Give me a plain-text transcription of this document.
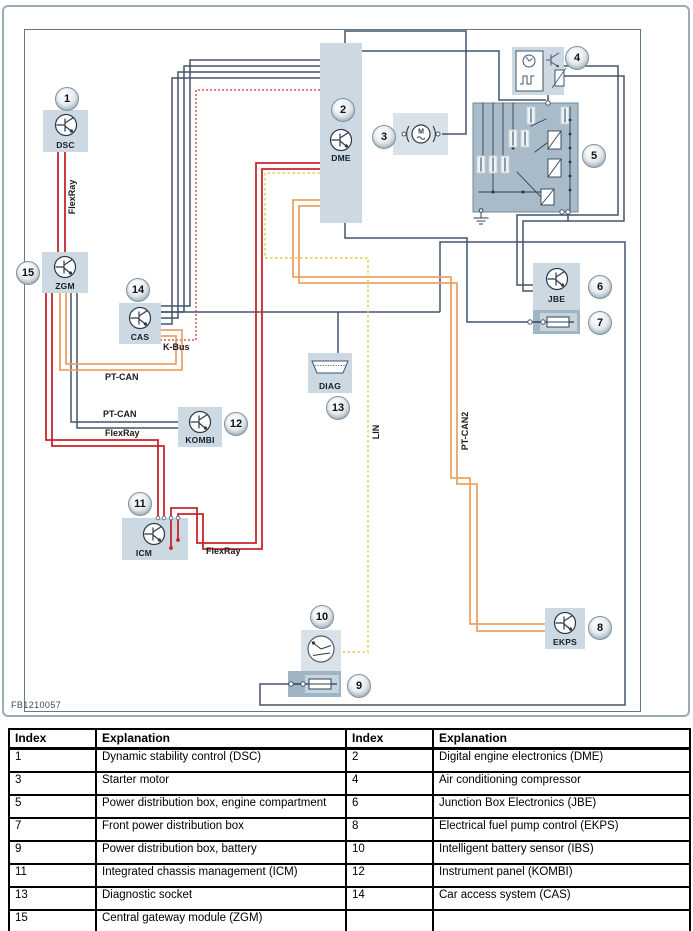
DSC
DME
M
JBE
EKPS
CAS
KOMBI
ICM
ZGM
DIAG
1
2
3
4
5
6
7
8
9
10
11
12
13
14
15
FlexRay
K-Bus
PT-CAN
PT-CAN
FlexRay
FlexRay
LIN	PT-CAN2
FB1210057
Index	Explanation	Index	Explanation
1	Dynamic stability control (DSC)	2	Digital engine electronics (DME)
3	Starter motor	4	Air conditioning compressor
5	Power distribution box, engine compartment	6	Junction Box Electronics (JBE)
7	Front power distribution box	8	Electrical fuel pump control (EKPS)
9	Power distribution box, battery	10	Intelligent battery sensor (IBS)
11	Integrated chassis management (ICM)	12	Instrument panel (KOMBI)
13	Diagnostic socket	14	Car access system (CAS)
15	Central gateway module (ZGM)		
